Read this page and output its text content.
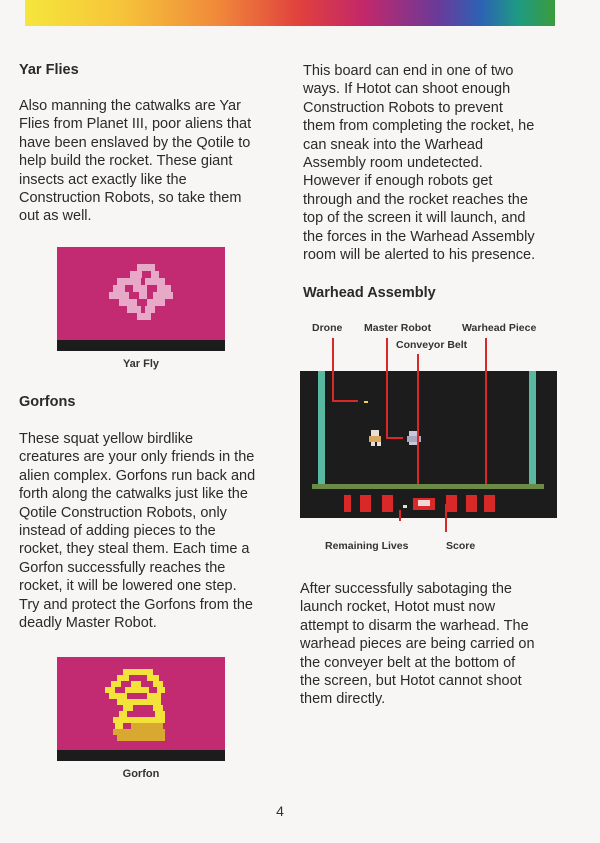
Yar Flies
Also manning the catwalks are Yar
Flies from Planet III, poor aliens that
have been enslaved by the Qotile to
help build the rocket. These giant
insects act exactly like the
Construction Robots, so take them
out as well.
Yar Fly
Gorfons
These squat yellow birdlike
creatures are your only friends in the
alien complex. Gorfons run back and
forth along the catwalks just like the
Qotile Construction Robots, only
instead of adding pieces to the
rocket, they steal them. Each time a
Gorfon successfully reaches the
rocket, it will be lowered one step.
Try and protect the Gorfons from the
deadly Master Robot.
Gorfon
This board can end in one of two
ways. If Hotot can shoot enough
Construction Robots to prevent
them from completing the rocket, he
can sneak into the Warhead
Assembly room undetected.
However if enough robots get
through and the rocket reaches the
top of the screen it will launch, and
the forces in the Warhead Assembly
room will be alerted to his presence.
Warhead Assembly
Drone Master Robot	Warhead Piece
Conveyor Belt
Remaining Lives	Score
After successfully sabotaging the
launch rocket, Hotot must now
attempt to disarm the warhead. The
warhead pieces are being carried on
the conveyer belt at the bottom of
the screen, but Hotot cannot shoot
them directly.
4
